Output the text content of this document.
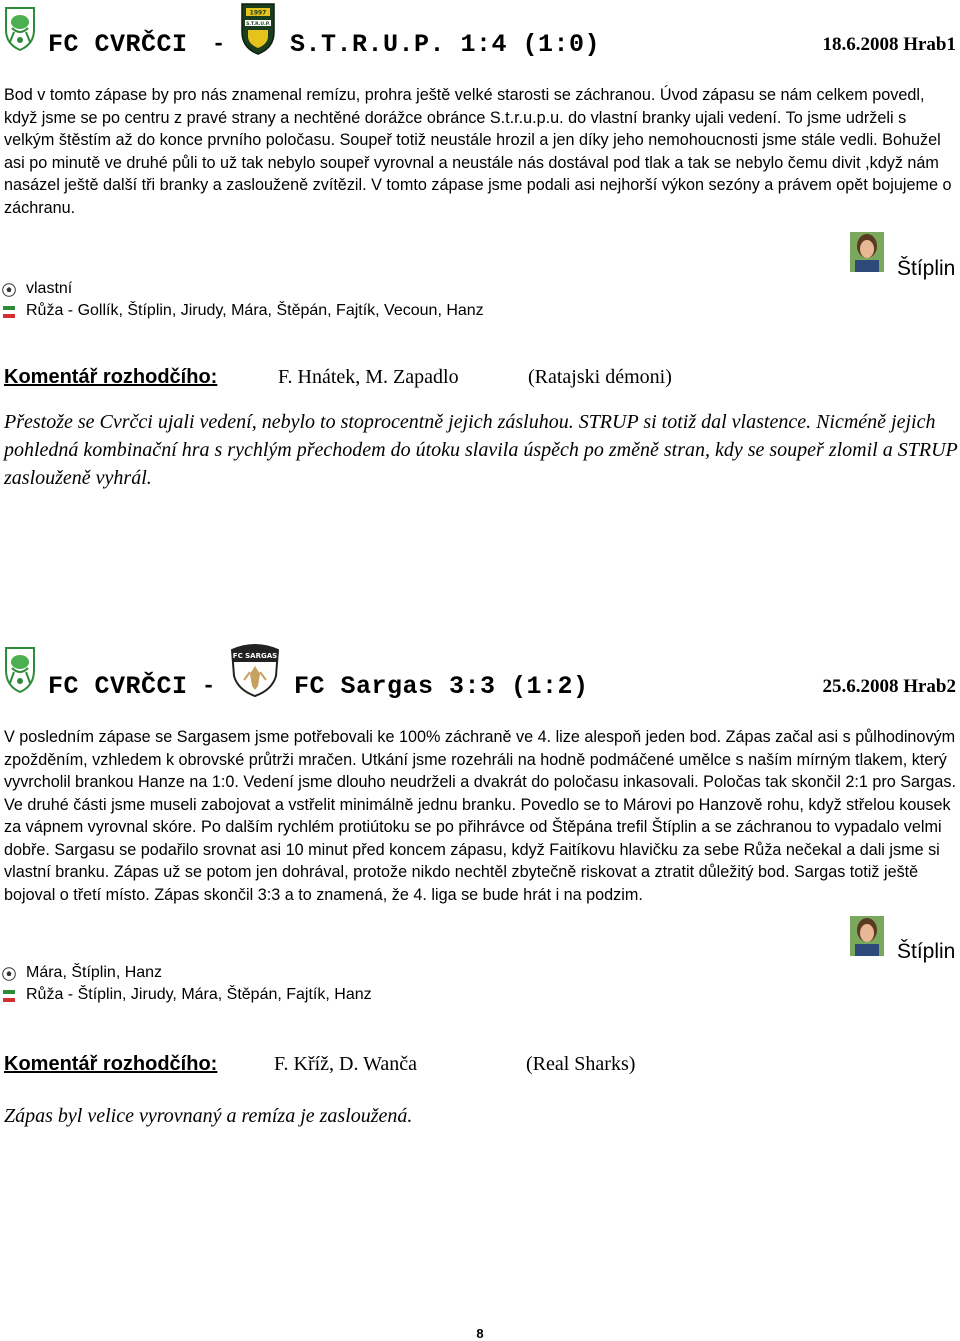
FC CVRČCI -
1997
S.T.R.U.P.
S.T.R.U.P. 1:4 (1:0)	18.6.2008 Hrab1
Bod v tomto zápase by pro nás znamenal remízu, prohra ještě velké starosti se záchranou. Úvod zápasu se nám celkem povedl, když jsme se po centru z pravé strany a nechtěné dorážce obránce S.t.r.u.p.u. do vlastní branky ujali vedení. To jsme udrželi s velkým štěstím až do konce prvního poločasu. Soupeř totiž neustále hrozil a jen díky jeho nemohoucnosti jsme stále vedli. Bohužel asi po minutě ve druhé půli to už tak nebylo soupeř vyrovnal a neustále nás dostával pod tlak a tak se nebylo čemu divit ,když nám nasázel ještě další tři branky a zaslouženě zvítězil. V tomto zápase jsme podali asi nejhorší výkon sezóny a právem opět bojujeme o záchranu.
Štíplin
vlastní
Růža - Gollík, Štíplin, Jirudy, Mára, Štěpán, Fajtík, Vecoun, Hanz
Komentář rozhodčího:	F. Hnátek, M. Zapadlo	(Ratajski démoni)
Přestože se Cvrčci ujali vedení, nebylo to stoprocentně jejich zásluhou. STRUP si totiž dal vlastence. Nicméně jejich pohledná kombinační hra s rychlým přechodem do útoku slavila úspěch po změně stran, kdy se soupeř zlomil a STRUP zaslouženě vyhrál.
FC CVRČCI -
FC SARGAS
FC Sargas 3:3 (1:2)	25.6.2008 Hrab2
V posledním zápase se Sargasem jsme potřebovali ke 100% záchraně ve 4. lize alespoň jeden bod. Zápas začal asi s půlhodinovým zpožděním, vzhledem k obrovské průtrži mračen. Utkání jsme rozehráli na hodně podmáčené umělce s naším mírným tlakem, který vyvrcholil brankou Hanze na 1:0. Vedení jsme dlouho neudrželi a dvakrát do poločasu inkasovali. Poločas tak skončil 2:1 pro Sargas. Ve druhé části jsme museli zabojovat a vstřelit minimálně jednu branku. Povedlo se to Márovi po Hanzově rohu, když střelou kousek za vápnem vyrovnal skóre. Po dalším rychlém protiútoku se po přihrávce od Štěpána trefil Štíplin a se záchranou to vypadalo velmi dobře. Sargasu se podařilo srovnat asi 10 minut před koncem zápasu, když Faitíkovu hlavičku za sebe Růža nečekal a dali jsme si vlastní branku. Zápas už se potom jen dohrával, protože nikdo nechtěl zbytečně riskovat a ztratit důležitý bod. Sargas totiž ještě bojoval o třetí místo. Zápas skončil 3:3 a to znamená, že 4. liga se bude hrát i na podzim.
Štíplin
Mára, Štíplin, Hanz
Růža - Štíplin, Jirudy, Mára, Štěpán, Fajtík, Hanz
Komentář rozhodčího:	F. Kříž, D. Wanča	(Real Sharks)
Zápas byl velice vyrovnaný a remíza je zasloužená.
8
